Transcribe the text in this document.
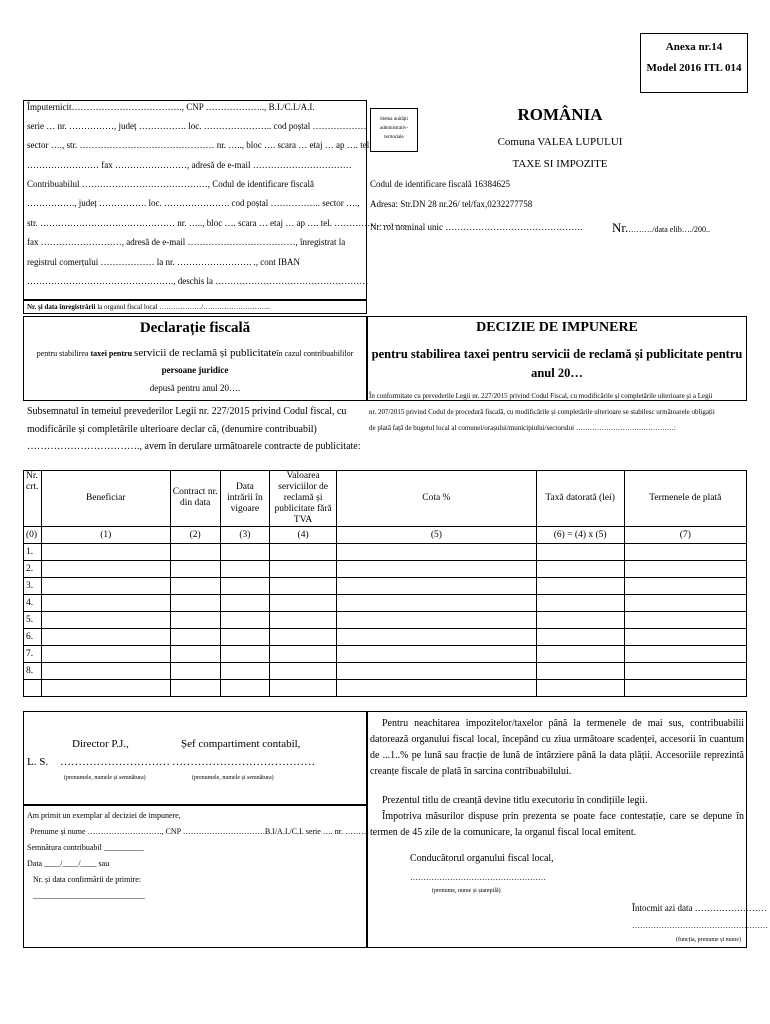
Anexa nr.14
Model 2016 ITL 014
Împuternicit………………………………., CNP ……………….., B.I./C.I./A.I.
serie … nr. ……………, județ ……………. loc. ………………….. cod poștal ………………
sector …., str. ……………………………………… nr. ….., bloc …. scara … etaj … ap …. tel.
…………………… fax ……………………, adresă de e-mail ……………………………
Contribuabilul ……………………………………, Codul de identificare fiscală
……………., județ ……………. loc. …………………. cod poștal …………….. sector ….,
str. ……………………………………… nr. ….., bloc …. scara … etaj … ap …. tel. ……………………
fax ………………………, adresă de e-mail ………………………………, înregistrat la
registrul comerțului ……………… la nr. ……………………. ., cont IBAN
…………………………………………., deschis la ……………………………………………
Nr. și data înregistrării la organul fiscal local ………………/………………………..
Stema unității
administrativ-
teritoriale
ROMÂNIA
Comuna VALEA LUPULUI
TAXE SI IMPOZITE
Codul de identificare fiscală 16384625
Adresa: Str.DN 28 nr.26/ tel/fax,0232277758
Nr. rol nominal unic ………………………………………. Nr.………/data elib…./200..
Declarație fiscală
pentru stabilirea taxei pentru servicii de reclamă și publicitateîn cazul contribuabililor
persoane juridice
depusă pentru anul 20….
DECIZIE DE IMPUNERE
pentru stabilirea taxei pentru servicii de reclamă și publicitate pentru
anul 20…
Subsemnatul în temeiul prevederilor Legii nr. 227/2015 privind Codul fiscal, cu
modificările și completările ulterioare declar că, (denumire contribuabil)
……………………………., avem în derulare următoarele contracte de publicitate:
În conformitate cu prevederile Legii nr. 227/2015 privind Codul Fiscal, cu modificările și completările ulterioare și a Legii
nr. 207/2015 privind Codul de procedură fiscală, cu modificările și completările ulterioare se stabilesc următoarele obligații
de plată față de bugetul local al comunei/orașului/municipiului/sectorului ……………………………………:
Nr. crt.	Beneficiar	Contract nr. din data	Data intrării în vigoare	Valoarea serviciilor de reclamă și publicitate fără TVA	Cota %	Taxă datorată (lei)	Termenele de plată
(0)	(1)	(2)	(3)	(4)	(5)	(6) = (4) x (5)	(7)
1.							
2.							
3.							
4.							
5.							
6.							
7.							
8.							

Director P.J.,	Șef compartiment contabil,
L. S. ………………………… …………………………………
(prenumele, numele și semnătura)	(prenumele, numele și semnătura)
Am primit un exemplar al deciziei de impunere,
Prenume și nume ………………………., CNP ………………………….B.I/A.I./C.I. serie …. nr. ………
Semnătura contribuabil __________
Data ____/____/____ sau
Nr. și data confirmării de primire:
____________________________
Pentru neachitarea impozitelor/taxelor până la termenele de mai sus, contribuabilii datorează organului fiscal local, începând cu ziua următoare scadenței, accesorii în cuantum de ...1..% pe lună sau fracție de lună de întârziere până la data plății. Accesoriile reprezintă creanțe fiscale de plată în sarcina contribuabilului.
Prezentul titlu de creanță devine titlu executoriu în condițiile legii.
Împotriva măsurilor dispuse prin prezenta se poate face contestație, care se depune în termen de 45 zile de la comunicare, la organul fiscal local emitent.
Conducătorul organului fiscal local,
……………………………………………
(prenume, nume și ștampilă)
Întocmit azi data ……………………
……………………………………………
(funcția, prenume și nume)
